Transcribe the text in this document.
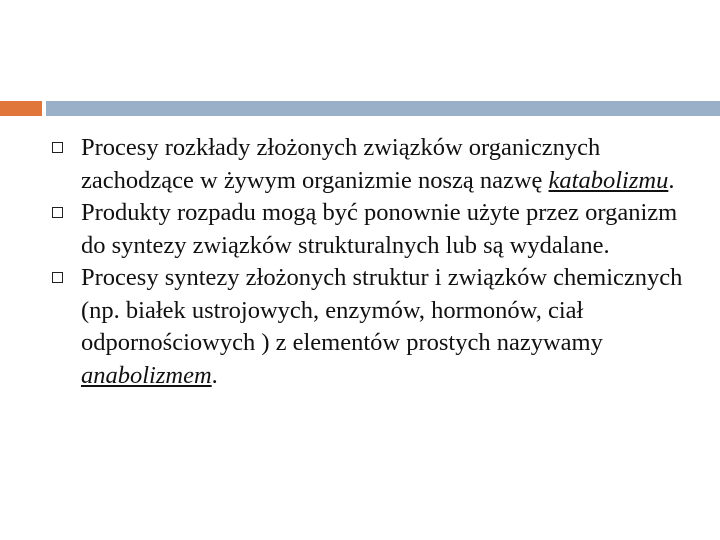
Procesy rozkłady złożonych związków organicznych zachodzące w żywym organizmie noszą nazwę katabolizmu.
Produkty rozpadu mogą być ponownie użyte przez organizm do syntezy związków strukturalnych lub są wydalane.
Procesy syntezy złożonych struktur i związków chemicznych (np. białek ustrojowych, enzymów, hormonów, ciał odpornościowych ) z elementów prostych nazywamy anabolizmem.
